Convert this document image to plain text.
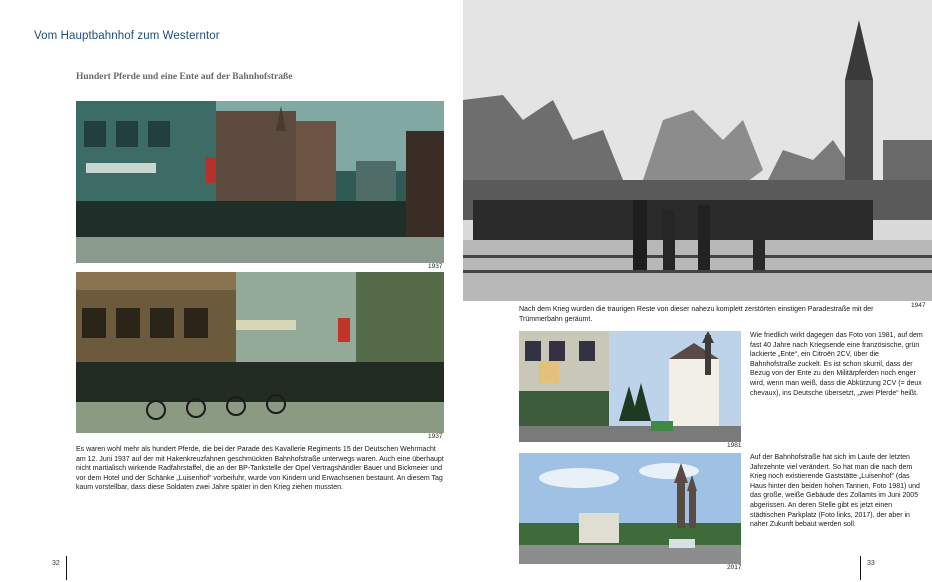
Vom Hauptbahnhof zum Westerntor
Hundert Pferde und eine Ente auf der Bahnhofstraße
1937
1937
Es waren wohl mehr als hundert Pferde, die bei der Parade des Kavallerie Regiments 15 der Deutschen Wehrmacht am 12. Juni 1937 auf der mit Hakenkreuzfahnen geschmückten Bahnhofstraße unterwegs waren. Auch eine überhaupt nicht martialisch wirkende Radfahrstaffel, die an der BP-Tankstelle der Opel Vertragshändler Bauer und Bickmeier und vor dem Hotel und der Schänke „Luisenhof“ vorbeifuhr, wurde von Kindern und Erwachsenen bestaunt. An diesem Tag kaum vorstellbar, dass diese Soldaten zwei Jahre später in den Krieg ziehen mussten.
32
1947
Nach dem Krieg wurden die traurigen Reste von dieser nahezu komplett zerstörten einstigen Paradestraße mit der Trümmerbahn geräumt.
1981
Wie friedlich wirkt dagegen das Foto von 1981, auf dem fast 40 Jahre nach Kriegsende eine französische, grün lackierte „Ente“, ein Citroën 2CV, über die Bahnhofstraße zuckelt. Es ist schon skurril, dass der Bezug von der Ente zu den Militärpferden noch enger wird, wenn man weiß, dass die Abkürzung 2CV (= deux chevaux), ins Deutsche übersetzt, „zwei Pferde“ heißt.
2017
Auf der Bahnhofstraße hat sich im Laufe der letzten Jahrzehnte viel verändert. So hat man die nach dem Krieg noch existierende Gaststätte „Luisenhof“ (das Haus hinter den beiden hohen Tannen, Foto 1981) und das große, weiße Gebäude des Zollamts im Juni 2005 abgerissen. An deren Stelle gibt es jetzt einen städtischen Parkplatz (Foto links, 2017), der aber in naher Zukunft bebaut werden soll.
33
